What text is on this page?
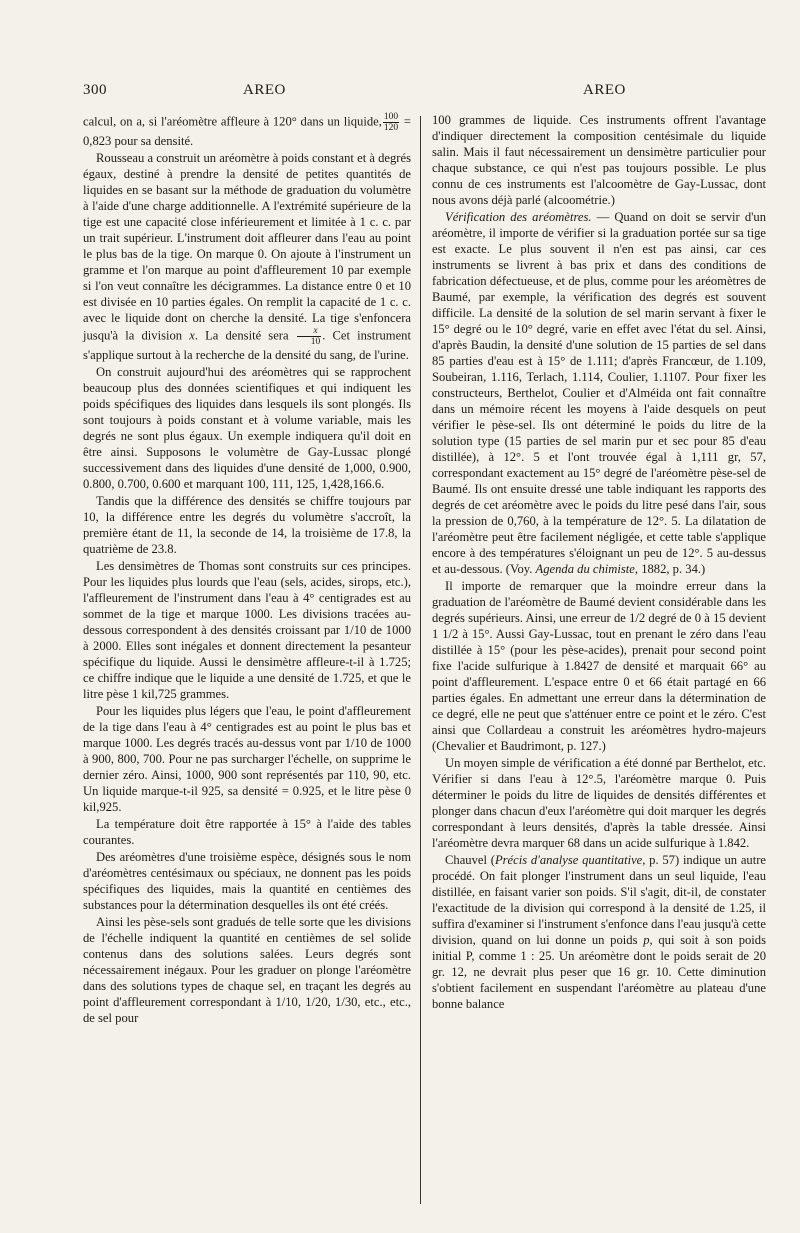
300	AREO	AREO

calcul, on a, si l'aréomètre affleure à 120° dans un liquide, $\frac{100}{120} = 0,823$ pour sa densité.

Rousseau a construit un aréomètre à poids constant et à degrés égaux, destiné à prendre la densité de petites quantités de liquides en se basant sur la méthode de graduation du volumètre à l'aide d'une charge additionnelle. A l'extrémité supérieure de la tige est une capacité close inférieurement et limitée à 1 c. c. par un trait supérieur. L'instrument doit affleurer dans l'eau au point le plus bas de la tige. On marque 0. On ajoute à l'instrument un gramme et l'on marque au point d'affleurement 10 par exemple si l'on veut connaître les décigrammes. La distance entre 0 et 10 est divisée en 10 parties égales. On remplit la capacité de 1 c. c. avec le liquide dont on cherche la densité. La tige s'enfoncera jusqu'à la division x. La densité sera $\frac{x}{10}$ . Cet instrument s'applique surtout à la recherche de la densité du sang, de l'urine.

On construit aujourd'hui des aréomètres qui se rapprochent beaucoup plus des données scientifiques et qui indiquent les poids spécifiques des liquides dans lesquels ils sont plongés. Ils sont toujours à poids constant et à volume variable, mais les degrés ne sont plus égaux. Un exemple indiquera qu'il doit en être ainsi. Supposons le volumètre de Gay-Lussac plongé successivement dans des liquides d'une densité de 1,000, 0.900, 0.800, 0.700, 0.600 et marquant 100, 111, 125, 1,428,166.6.

Tandis que la différence des densités se chiffre toujours par 10, la différence entre les degrés du volumètre s'accroît, la première étant de 11, la seconde de 14, la troisième de 17.8, la quatrième de 23.8.

Les densimètres de Thomas sont construits sur ces principes. Pour les liquides plus lourds que l'eau (sels, acides, sirops, etc.), l'affleurement de l'instrument dans l'eau à 4° centigrades est au sommet de la tige et marque 1000. Les divisions tracées au-dessous correspondent à des densités croissant par 1/10 de 1000 à 2000. Elles sont inégales et donnent directement la pesanteur spécifique du liquide. Aussi le densimètre affleure-t-il à 1.725; ce chiffre indique que le liquide a une densité de 1.725, et que le litre pèse 1 kil,725 grammes.

Pour les liquides plus légers que l'eau, le point d'affleurement de la tige dans l'eau à 4° centigrades est au point le plus bas et marque 1000. Les degrés tracés au-dessus vont par 1/10 de 1000 à 900, 800, 700. Pour ne pas surcharger l'échelle, on supprime le dernier zéro. Ainsi, 1000, 900 sont représentés par 110, 90, etc. Un liquide marque-t-il 925, sa densité = 0.925, et le litre pèse 0 kil,925.

La température doit être rapportée à 15° à l'aide des tables courantes.

Des aréomètres d'une troisième espèce, désignés sous le nom d'aréomètres centésimaux ou spéciaux, ne donnent pas les poids spécifiques des liquides, mais la quantité en centièmes des substances pour la détermination desquelles ils ont été créés.

Ainsi les pèse-sels sont gradués de telle sorte que les divisions de l'échelle indiquent la quantité en centièmes de sel solide contenus dans des solutions salées. Leurs degrés sont nécessairement inégaux. Pour les graduer on plonge l'aréomètre dans des solutions types de chaque sel, en traçant les degrés au point d'affleurement correspondant à 1/10, 1/20, 1/30, etc., etc., de sel pour

100 grammes de liquide. Ces instruments offrent l'avantage d'indiquer directement la composition centésimale du liquide salin. Mais il faut nécessairement un densimètre particulier pour chaque substance, ce qui n'est pas toujours possible. Le plus connu de ces instruments est l'alcoomètre de Gay-Lussac, dont nous avons déjà parlé (alcoométrie.)

Vérification des aréomètres. — Quand on doit se servir d'un aréomètre, il importe de vérifier si la graduation portée sur sa tige est exacte. Le plus souvent il n'en est pas ainsi, car ces instruments se livrent à bas prix et dans des conditions de fabrication défectueuse, et de plus, comme pour les aréomètres de Baumé, par exemple, la vérification des degrés est souvent difficile. La densité de la solution de sel marin servant à fixer le 15° degré ou le 10° degré, varie en effet avec l'état du sel. Ainsi, d'après Baudin, la densité d'une solution de 15 parties de sel dans 85 parties d'eau est à 15° de 1.111; d'après Francœur, de 1.109, Soubeiran, 1.116, Terlach, 1.114, Coulier, 1.1107. Pour fixer les constructeurs, Berthelot, Coulier et d'Alméida ont fait connaître dans un mémoire récent les moyens à l'aide desquels on peut vérifier le pèse-sel. Ils ont déterminé le poids du litre de la solution type (15 parties de sel marin pur et sec pour 85 d'eau distillée), à 12°. 5 et l'ont trouvée égal à 1,111 gr, 57, correspondant exactement au 15° degré de l'aréomètre pèse-sel de Baumé. Ils ont ensuite dressé une table indiquant les rapports des degrés de cet aréomètre avec le poids du litre pesé dans l'air, sous la pression de 0,760, à la température de 12°. 5. La dilatation de l'aréomètre peut être facilement négligée, et cette table s'applique encore à des températures s'éloignant un peu de 12°. 5 au-dessus et au-dessous. (Voy. Agenda du chimiste, 1882, p. 34.)

Il importe de remarquer que la moindre erreur dans la graduation de l'aréomètre de Baumé devient considérable dans les degrés supérieurs. Ainsi, une erreur de 1/2 degré de 0 à 15 devient 1 1/2 à 15°. Aussi Gay-Lussac, tout en prenant le zéro dans l'eau distillée à 15° (pour les pèse-acides), prenait pour second point fixe l'acide sulfurique à 1.8427 de densité et marquait 66° au point d'affleurement. L'espace entre 0 et 66 était partagé en 66 parties égales. En admettant une erreur dans la détermination de ce degré, elle ne peut que s'atténuer entre ce point et le zéro. C'est ainsi que Collardeau a construit les aréomètres hydro-majeurs (Chevalier et Baudrimont, p. 127.)

Un moyen simple de vérification a été donné par Berthelot, etc. Vérifier si dans l'eau à 12°.5, l'aréomètre marque 0. Puis déterminer le poids du litre de liquides de densités différentes et plonger dans chacun d'eux l'aréomètre qui doit marquer les degrés correspondant à leurs densités, d'après la table dressée. Ainsi l'aréomètre devra marquer 68 dans un acide sulfurique à 1.842.

Chauvel (Précis d'analyse quantitative, p. 57) indique un autre procédé. On fait plonger l'instrument dans un seul liquide, l'eau distillée, en faisant varier son poids. S'il s'agit, dit-il, de constater l'exactitude de la division qui correspond à la densité de 1.25, il suffira d'examiner si l'instrument s'enfonce dans l'eau jusqu'à cette division, quand on lui donne un poids p, qui soit à son poids initial P, comme 1 : 25. Un aréomètre dont le poids serait de 20 gr. 12, ne devrait plus peser que 16 gr. 10. Cette diminution s'obtient facilement en suspendant l'aréomètre au plateau d'une bonne balance
